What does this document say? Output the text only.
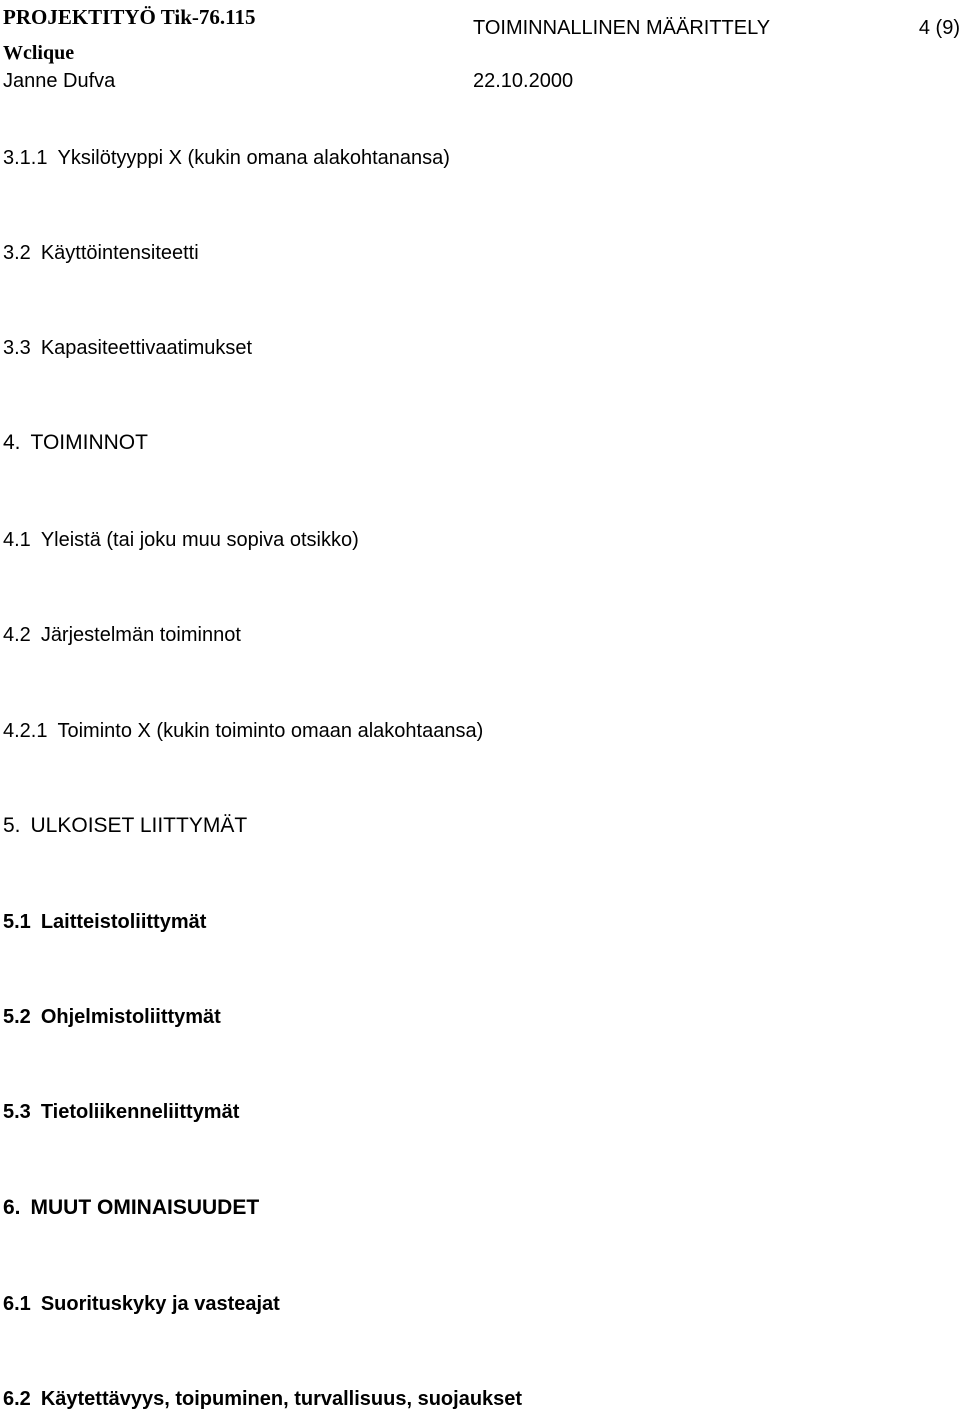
PROJEKTITYÖ Tik-76.115
Wclique
TOIMINNALLINEN MÄÄRITTELY	4 (9)
Janne Dufva	22.10.2000
3.1.1 Yksilötyyppi X (kukin omana alakohtanansa)
3.2 Käyttöintensiteetti
3.3 Kapasiteettivaatimukset
4. TOIMINNOT
4.1 Yleistä (tai joku muu sopiva otsikko)
4.2 Järjestelmän toiminnot
4.2.1 Toiminto X (kukin toiminto omaan alakohtaansa)
5. ULKOISET LIITTYMÄT
5.1 Laitteistoliittymät
5.2 Ohjelmistoliittymät
5.3 Tietoliikenneliittymät
6. MUUT OMINAISUUDET
6.1 Suorituskyky ja vasteajat
6.2 Käytettävyys, toipuminen, turvallisuus, suojaukset
